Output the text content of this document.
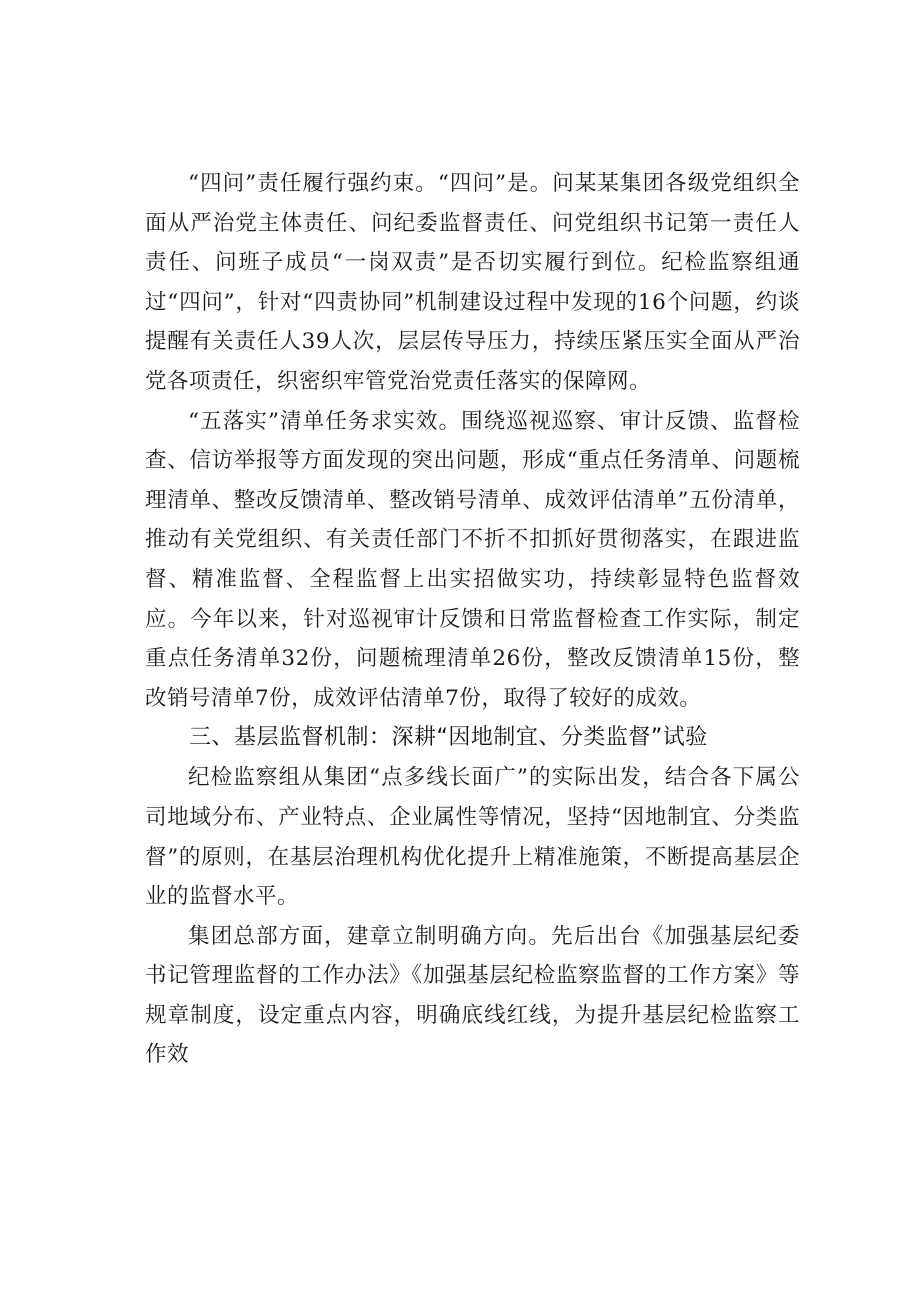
“四问”责任履行强约束。“四问”是。问某某集团各级党组织全面从严治党主体责任、问纪委监督责任、问党组织书记第一责任人责任、问班子成员“一岗双责”是否切实履行到位。纪检监察组通过“四问”，针对“四责协同”机制建设过程中发现的16个问题，约谈提醒有关责任人39人次，层层传导压力，持续压紧压实全面从严治党各项责任，织密织牢管党治党责任落实的保障网。

“五落实”清单任务求实效。围绕巡视巡察、审计反馈、监督检查、信访举报等方面发现的突出问题，形成“重点任务清单、问题梳理清单、整改反馈清单、整改销号清单、成效评估清单”五份清单，推动有关党组织、有关责任部门不折不扣抓好贯彻落实，在跟进监督、精准监督、全程监督上出实招做实功，持续彰显特色监督效应。今年以来，针对巡视审计反馈和日常监督检查工作实际，制定重点任务清单32份，问题梳理清单26份，整改反馈清单15份，整改销号清单7份，成效评估清单7份，取得了较好的成效。

三、基层监督机制：深耕“因地制宜、分类监督”试验

纪检监察组从集团“点多线长面广”的实际出发，结合各下属公司地域分布、产业特点、企业属性等情况，坚持“因地制宜、分类监督”的原则，在基层治理机构优化提升上精准施策，不断提高基层企业的监督水平。

集团总部方面，建章立制明确方向。先后出台《加强基层纪委书记管理监督的工作办法》《加强基层纪检监察监督的工作方案》等规章制度，设定重点内容，明确底线红线，为提升基层纪检监察工作效
